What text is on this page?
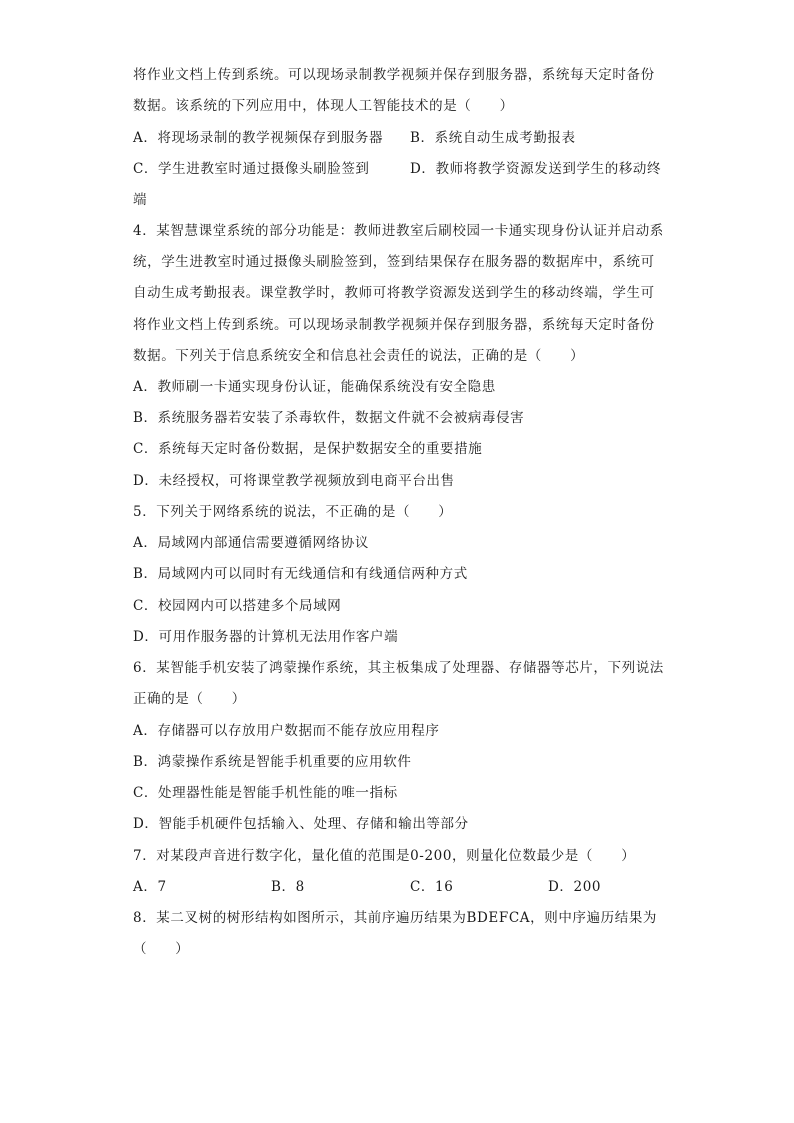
将作业文档上传到系统。可以现场录制教学视频并保存到服务器，系统每天定时备份
数据。该系统的下列应用中，体现人工智能技术的是（　　）
A．将现场录制的教学视频保存到服务器 B．系统自动生成考勤报表
C．学生进教室时通过摄像头刷脸签到	D．教师将教学资源发送到学生的移动终
端
4．某智慧课堂系统的部分功能是：教师进教室后刷校园一卡通实现身份认证并启动系
统，学生进教室时通过摄像头刷脸签到，签到结果保存在服务器的数据库中，系统可
自动生成考勤报表。课堂教学时，教师可将教学资源发送到学生的移动终端，学生可
将作业文档上传到系统。可以现场录制教学视频并保存到服务器，系统每天定时备份
数据。下列关于信息系统安全和信息社会责任的说法，正确的是（　　）
A．教师刷一卡通实现身份认证，能确保系统没有安全隐患
B．系统服务器若安装了杀毒软件，数据文件就不会被病毒侵害
C．系统每天定时备份数据，是保护数据安全的重要措施
D．未经授权，可将课堂教学视频放到电商平台出售
5．下列关于网络系统的说法，不正确的是（　　）
A．局域网内部通信需要遵循网络协议
B．局域网内可以同时有无线通信和有线通信两种方式
C．校园网内可以搭建多个局域网
D．可用作服务器的计算机无法用作客户端
6．某智能手机安装了鸿蒙操作系统，其主板集成了处理器、存储器等芯片，下列说法
正确的是（　　）
A．存储器可以存放用户数据而不能存放应用程序
B．鸿蒙操作系统是智能手机重要的应用软件
C．处理器性能是智能手机性能的唯一指标
D．智能手机硬件包括输入、处理、存储和输出等部分
7．对某段声音进行数字化，量化值的范围是0-200，则量化位数最少是（　　）
A．7	B．8	C．16	D．200
8．某二叉树的树形结构如图所示，其前序遍历结果为BDEFCA，则中序遍历结果为
（　　）
